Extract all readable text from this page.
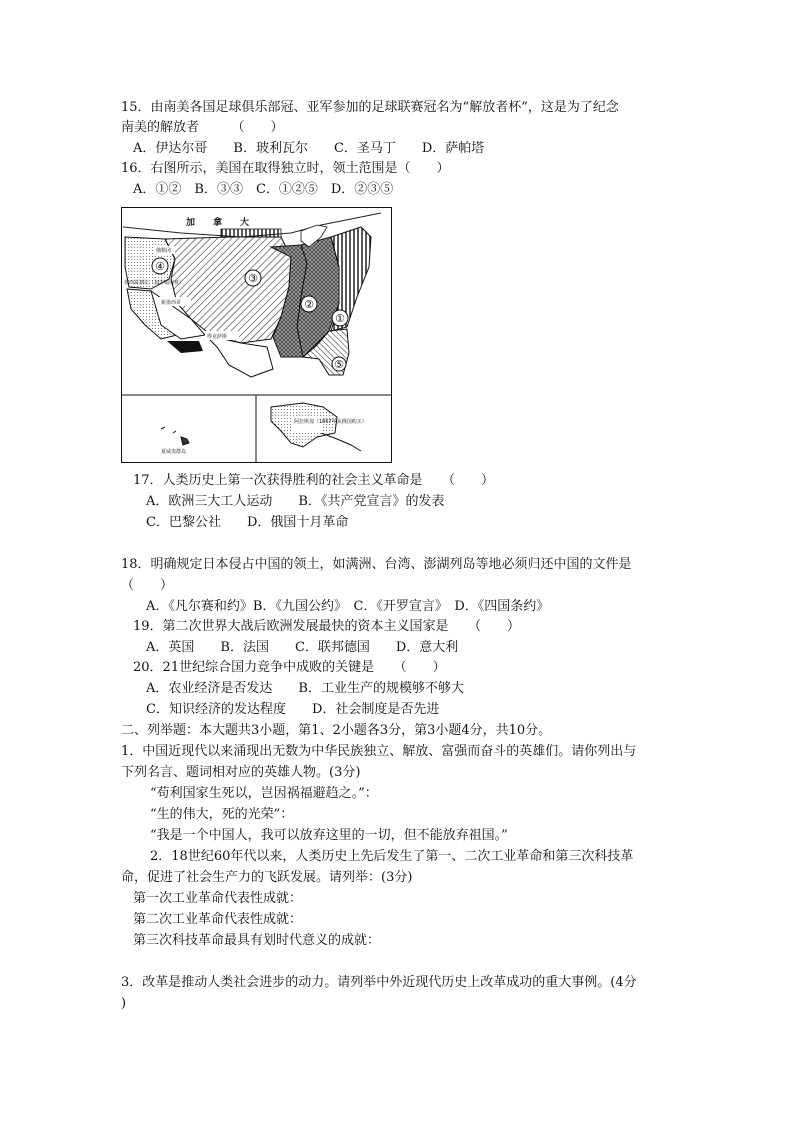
15．由南美各国足球俱乐部冠、亚军参加的足球联赛冠名为“解放者杯”，这是为了纪念
南美的解放者　　　（　　）
A．伊达尔哥　　B．玻利瓦尔　　C．圣马丁　　D．萨帕塔
16．右图所示，美国在取得独立时，领土范围是（　　）
A．①②　B．③③　C．①②⑤　D．②③⑤
④
③
②
①
⑤
加　　拿　　大
俄勒冈
墨西哥割让（加里福尼亚）
新墨西哥
得克萨斯
夏威夷群岛
阿拉斯加（1867年从俄国购买）
17．人类历史上第一次获得胜利的社会主义革命是　　（　　）
A．欧洲三大工人运动　　B．《共产党宣言》的发表
C．巴黎公社　　D．俄国十月革命
18．明确规定日本侵占中国的领土，如满洲、台湾、澎湖列岛等地必须归还中国的文件是
（　　）
A．《凡尔赛和约》B．《九国公约》　C．《开罗宣言》　D．《四国条约》
19．第二次世界大战后欧洲发展最快的资本主义国家是　　（　　）
A．英国　　B．法国　　C．联邦德国　　D．意大利
20．21世纪综合国力竞争中成败的关键是　　（　　）
A．农业经济是否发达　　B．工业生产的规模够不够大
C．知识经济的发达程度　　D．社会制度是否先进
二、列举题：本大题共3小题，第1、2小题各3分，第3小题4分，共10分。
1．中国近现代以来涌现出无数为中华民族独立、解放、富强而奋斗的英雄们。请你列出与
下列名言、题词相对应的英雄人物。(3分)
“苟利国家生死以，岂因祸福避趋之。”：
“生的伟大，死的光荣”：
“我是一个中国人，我可以放弃这里的一切，但不能放弃祖国。”
2．18世纪60年代以来，人类历史上先后发生了第一、二次工业革命和第三次科技革
命，促进了社会生产力的飞跃发展。请列举：(3分)
第一次工业革命代表性成就：
第二次工业革命代表性成就：
第三次科技革命最具有划时代意义的成就：
3．改革是推动人类社会进步的动力。请列举中外近现代历史上改革成功的重大事例。(4分
)
